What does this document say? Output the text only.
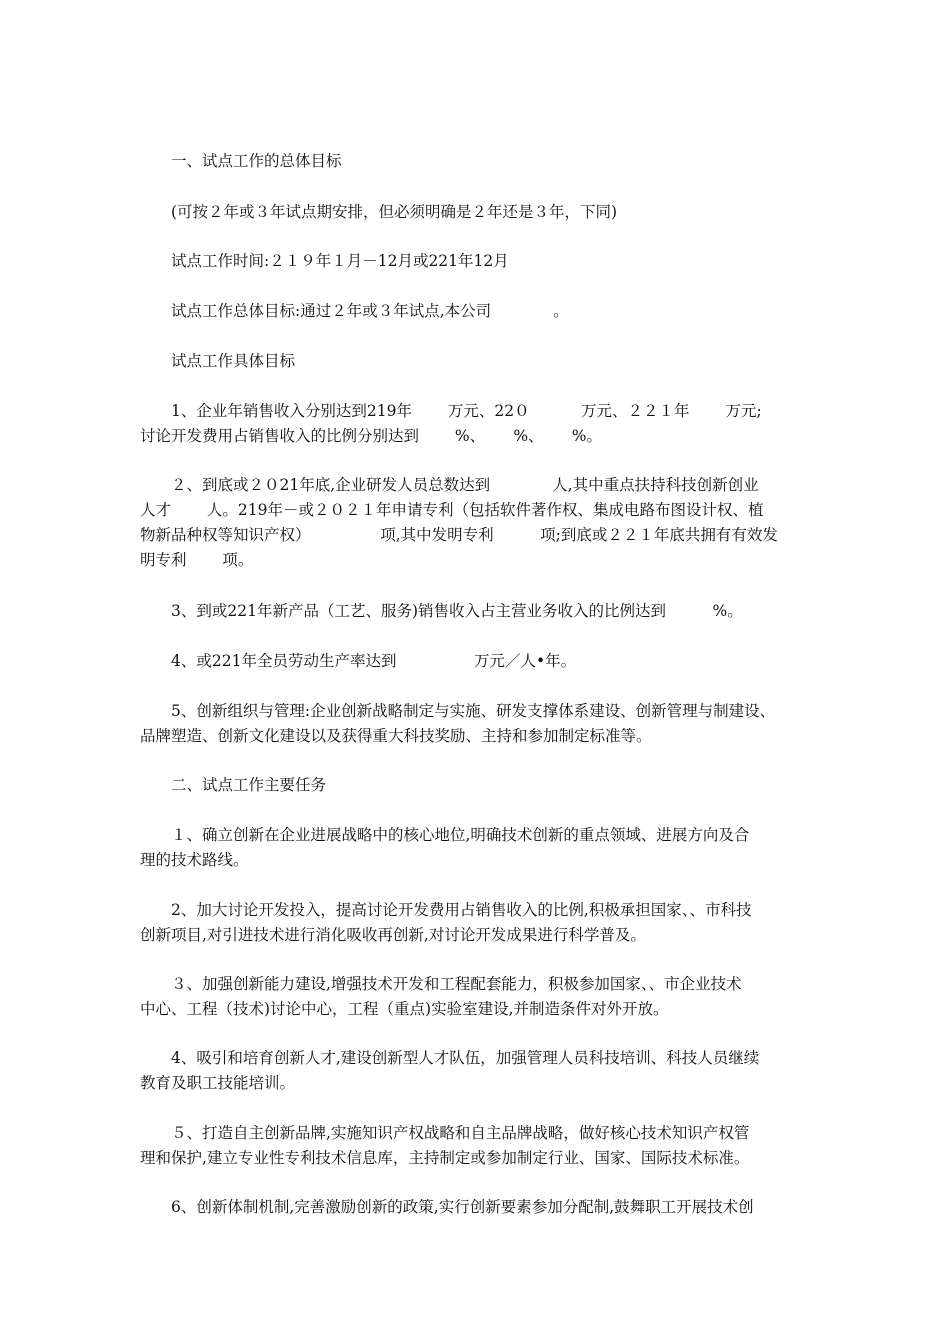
　　一、试点工作的总体目标
　　(可按２年或３年试点期安排，但必须明确是２年还是３年，下同)
　　试点工作时间:２１９年１月－12月或221年12月
　　试点工作总体目标:通过２年或３年试点,本公司　　　　。
　　试点工作具体目标
　　1、企业年销售收入分别达到219年　　 万元、22０　　　 万元、２２１年　　 万元;
讨论开发费用占销售收入的比例分别达到　　 %、　　 %、　　 %。
　　２、到底或２０21年底,企业研发人员总数达到　　　　人,其中重点扶持科技创新创业
人才　　 人。219年－或２０２１年申请专利（包括软件著作权、集成电路布图设计权、植
物新品种权等知识产权）　　　　　项,其中发明专利　　　项;到底或２２１年底共拥有有效发
明专利　　 项。
　　3、到或221年新产品（工艺、服务)销售收入占主营业务收入的比例达到　　　%。
　　4、或221年全员劳动生产率达到　　　　　万元／人•年。
　　5、创新组织与管理:企业创新战略制定与实施、研发支撑体系建设、创新管理与制建设、
品牌塑造、创新文化建设以及获得重大科技奖励、主持和参加制定标准等。
　　二、试点工作主要任务
　　１、确立创新在企业进展战略中的核心地位,明确技术创新的重点领域、进展方向及合
理的技术路线。
　　2、加大讨论开发投入，提高讨论开发费用占销售收入的比例,积极承担国家、、市科技
创新项目,对引进技术进行消化吸收再创新,对讨论开发成果进行科学普及。
　　３、加强创新能力建设,增强技术开发和工程配套能力，积极参加国家、、市企业技术
中心、工程（技术)讨论中心，工程（重点)实验室建设,并制造条件对外开放。
　　4、吸引和培育创新人才,建设创新型人才队伍，加强管理人员科技培训、科技人员继续
教育及职工技能培训。
　　５、打造自主创新品牌,实施知识产权战略和自主品牌战略，做好核心技术知识产权管
理和保护,建立专业性专利技术信息库，主持制定或参加制定行业、国家、国际技术标准。
　　6、创新体制机制,完善激励创新的政策,实行创新要素参加分配制,鼓舞职工开展技术创
